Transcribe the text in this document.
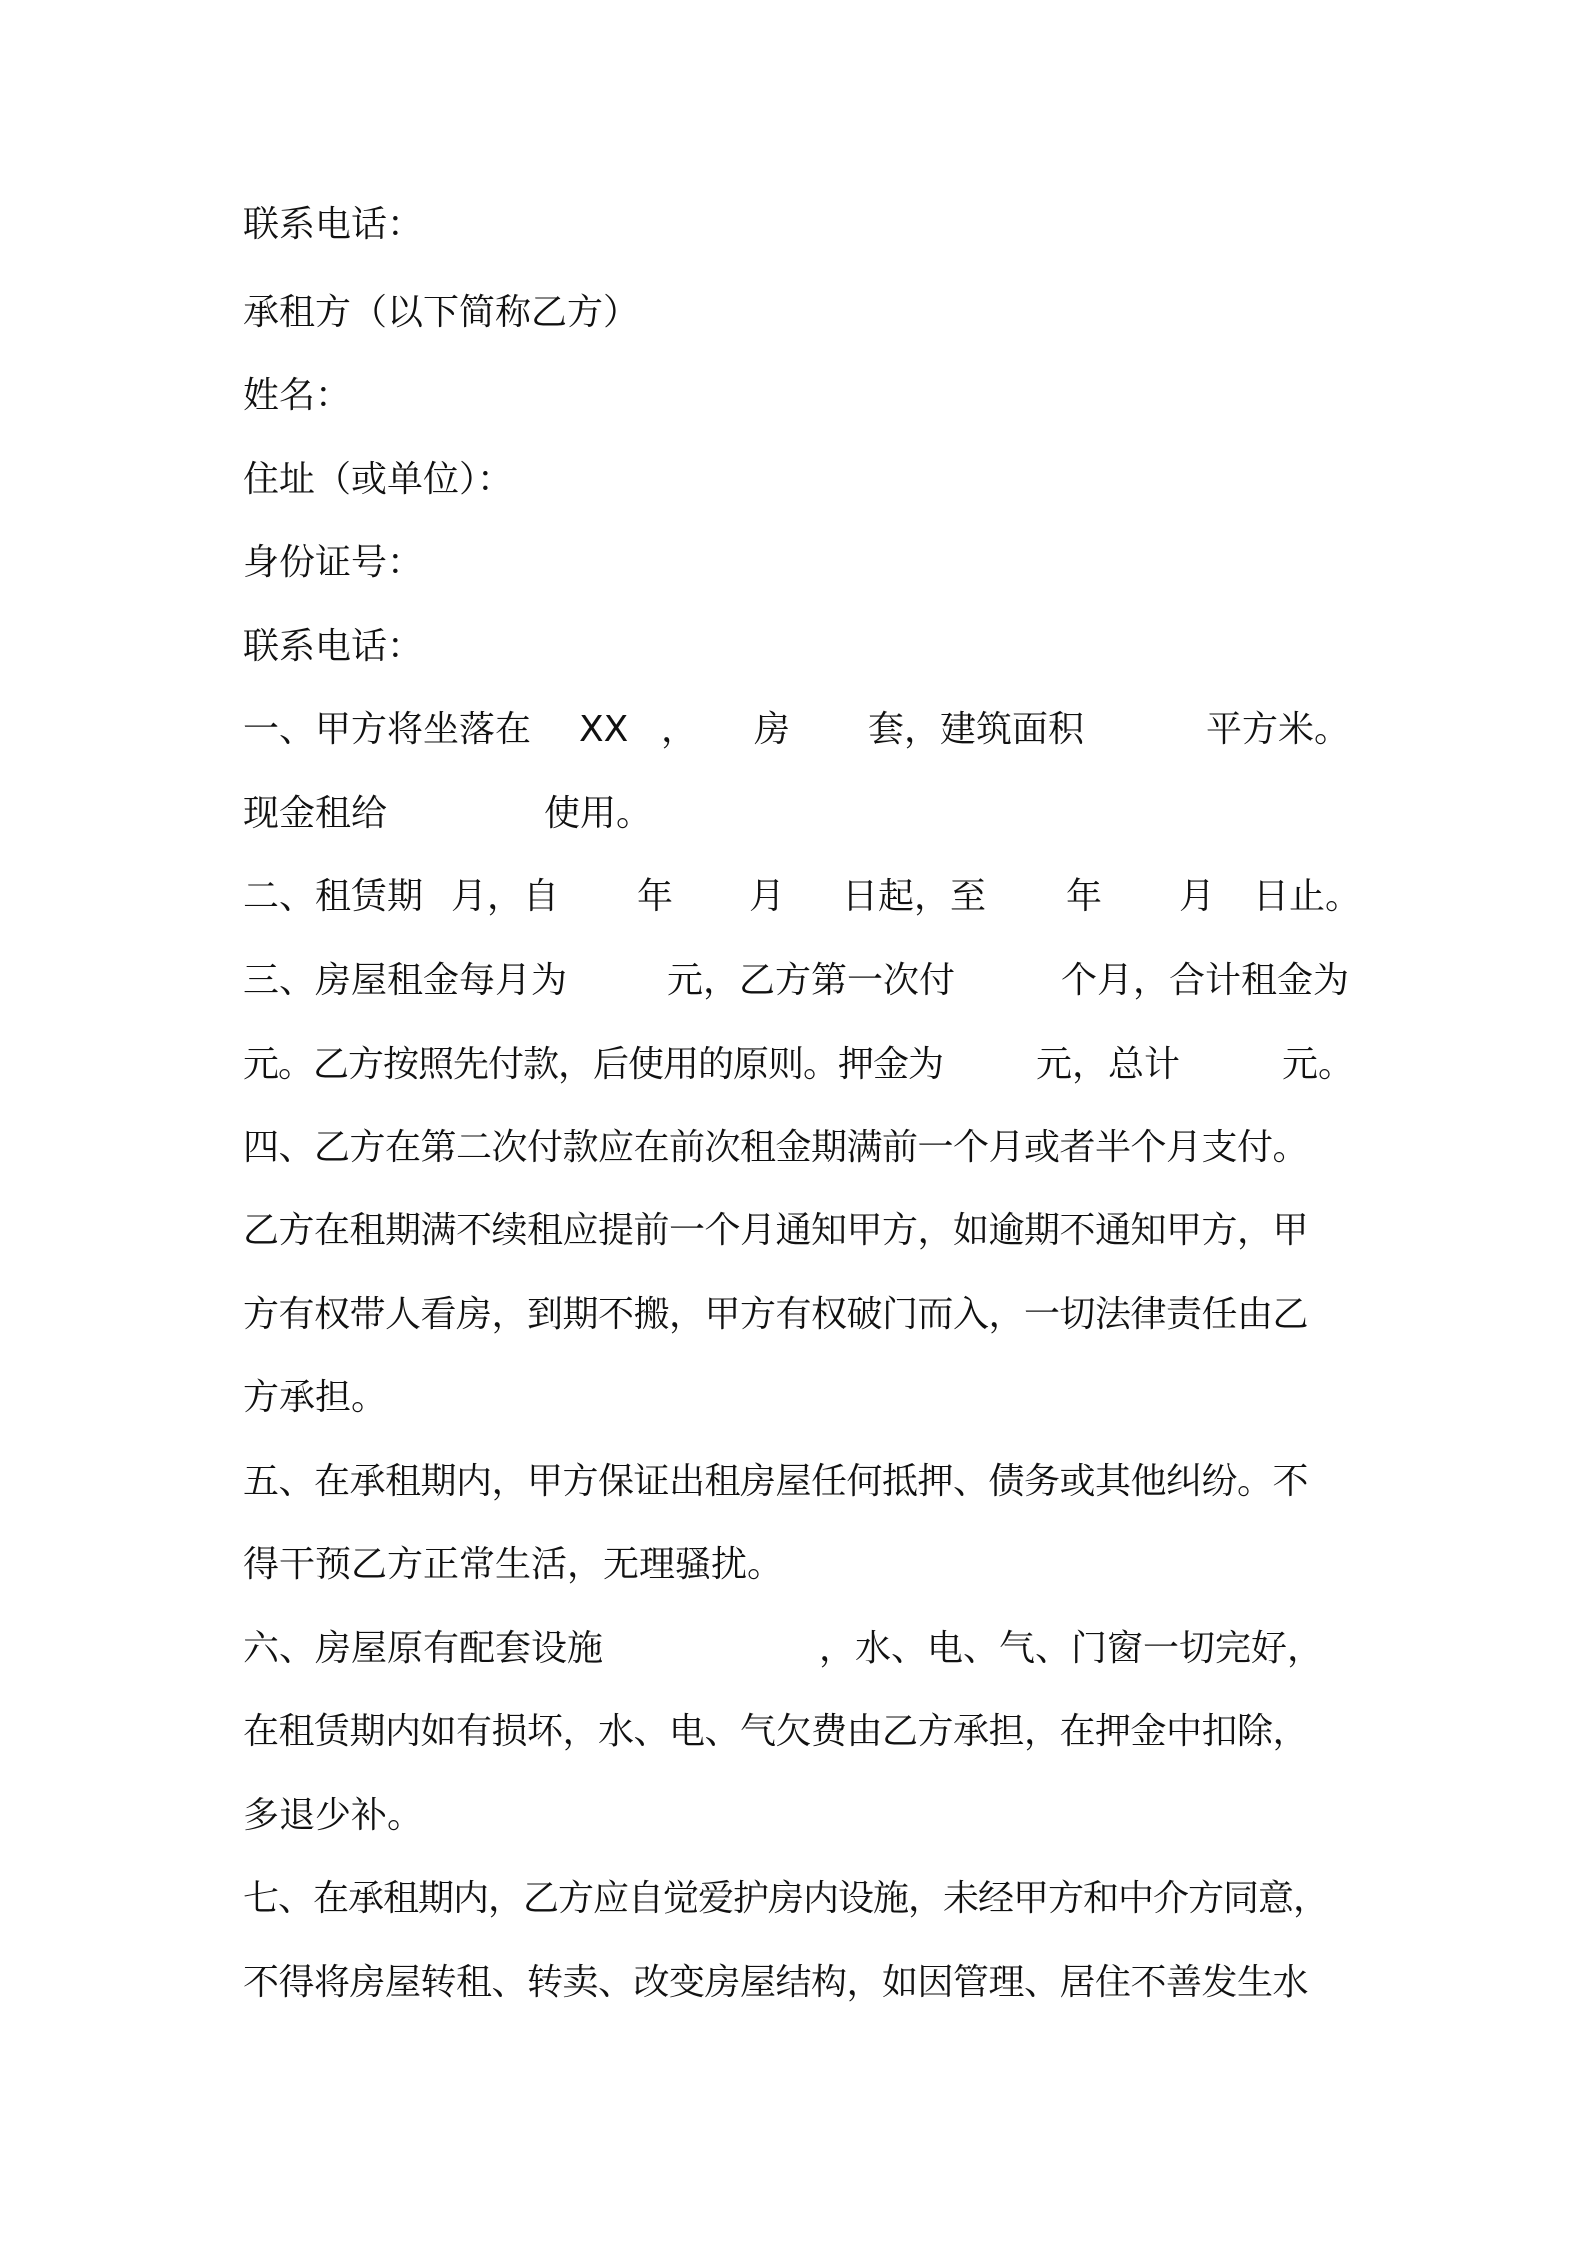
联系电话：

承租方（以下简称乙方）

姓名：

住址（或单位）：

身份证号：

联系电话：

一、甲方将坐落在

XX

，

房

套，建筑面积

	平方米。

现金租给

	使用。

二、租赁期

月，自

年

月

日起，至

年

月

日止。

三、房屋租金每月为

	元，乙方第一次付

	个月，合计租金为

元。乙方按照先付款，后使用的原则。押金为

	元，总计

	元。

四、乙方在第二次付款应在前次租金期满前一个月或者半个月支付。

乙方在租期满不续租应提前一个月通知甲方，如逾期不通知甲方，甲

方有权带人看房，到期不搬，甲方有权破门而入，一切法律责任由乙

方承担。

五、在承租期内，甲方保证出租房屋任何抵押、债务或其他纠纷。不

得干预乙方正常生活，无理骚扰。

六、房屋原有配套设施

	，水、电、气、门窗一切完好，

在租赁期内如有损坏，水、电、气欠费由乙方承担，在押金中扣除，

多退少补。

七、在承租期内，乙方应自觉爱护房内设施，未经甲方和中介方同意，

不得将房屋转租、转卖、改变房屋结构，如因管理、居住不善发生水
